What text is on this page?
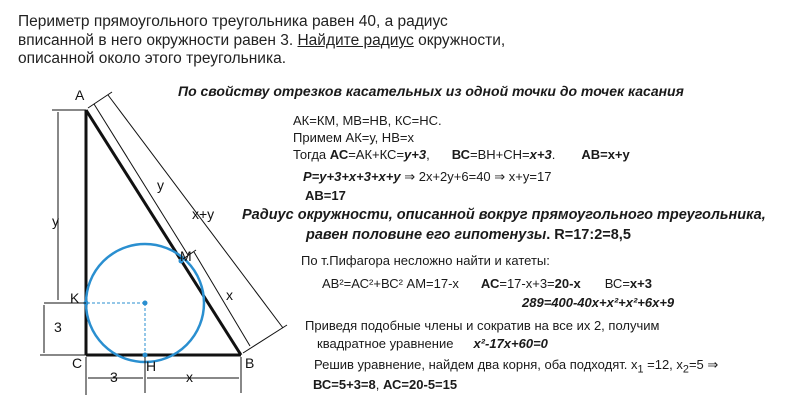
Периметр прямоугольного треугольника равен 40, а радиус
вписанной в него окружности равен 3. Найдите радиус окружности,
описанной около этого треугольника.
A
B
C
K
M
H
y
y
x+y
x
3
3	x
По свойству отрезков касательных из одной точки до точек касания
АК=КМ, МВ=НВ, КС=НС.
Примем АК=у, НВ=х
Тогда АС=АК+КС=у+3, ВС=ВН+СН=х+3. АВ=х+у
Р=у+3+х+3+х+у ⇒ 2х+2у+6=40 ⇒ х+у=17
АВ=17
Радиус окружности, описанной вокруг прямоугольного треугольника,
равен половине его гипотенузы. R=17:2=8,5
По т.Пифагора несложно найти и катеты:
АВ²=АС²+ВС² АМ=17-х АС=17-х+3=20-х ВС=х+3
289=400-40х+х²+х²+6х+9
Приведя подобные члены и сократив на все их 2, получим
квадратное уравнение х²-17х+60=0
Решив уравнение, найдем два корня, оба подходят. $х_1 =12$, $х_2=5$ ⇒
ВС=5+3=8, АС=20-5=15
